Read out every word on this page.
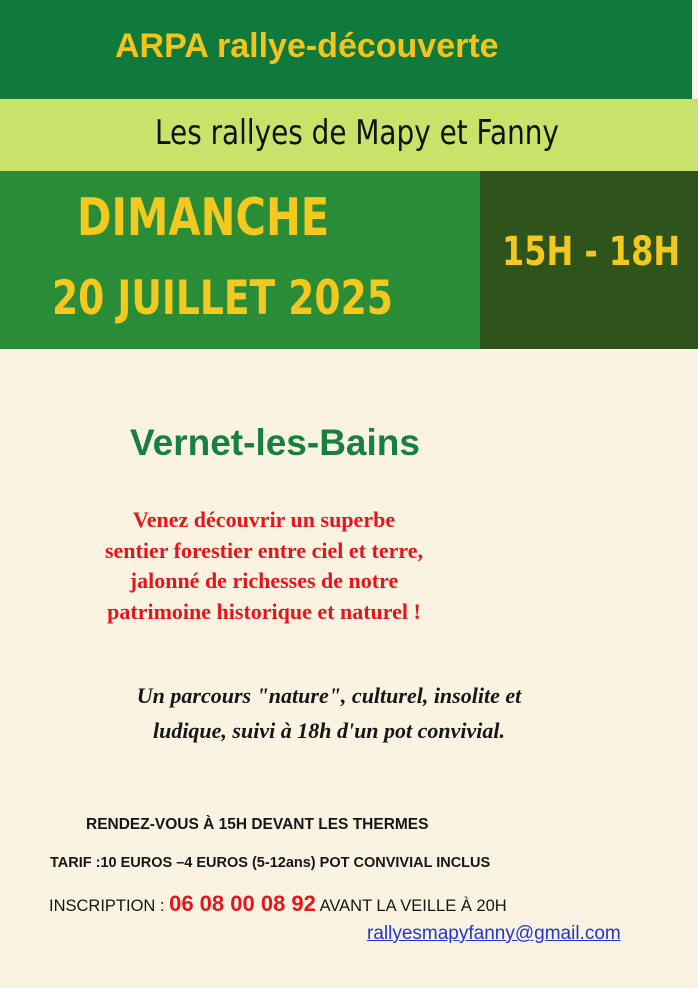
ARPA rallye-découverte
Les rallyes de Mapy et Fanny
DIMANCHE
20 JUILLET 2025
15H - 18H
Vernet-les-Bains
Venez découvrir un superbe
sentier forestier entre ciel et terre,
jalonné de richesses de notre
patrimoine historique et naturel !
Un parcours "nature", culturel, insolite et
ludique, suivi à 18h d'un pot convivial.
RENDEZ-VOUS À 15H DEVANT LES THERMES
TARIF :10 EUROS –4 EUROS (5-12ans) POT CONVIVIAL INCLUS
INSCRIPTION : 06 08 00 08 92 AVANT LA VEILLE À 20H
rallyesmapyfanny@gmail.com
